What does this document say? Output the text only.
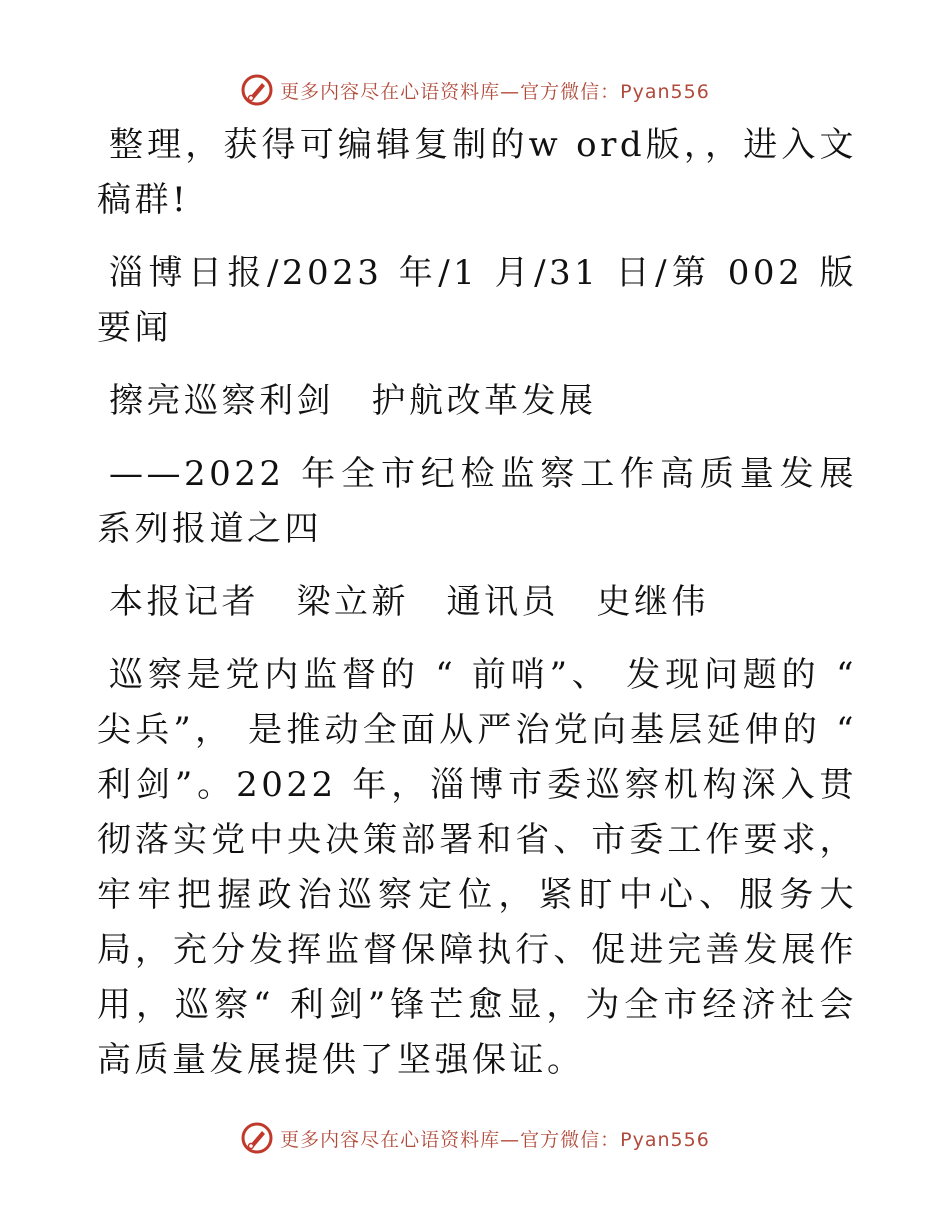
更多内容尽在心语资料库—官方微信：Pyan556

整理，获得可编辑复制的w ord版，，进入文稿群!

淄博日报/2023 年/1 月/31 日/第 002 版要闻

擦亮巡察利剑　护航改革发展

——2022 年全市纪检监察工作高质量发展系列报道之四

本报记者　梁立新　通讯员　史继伟

巡察是党内监督的 “ 前哨”、 发现问题的 “ 尖兵”， 是推动全面从严治党向基层延伸的 “ 利剑”。2022 年，淄博市委巡察机构深入贯彻落实党中央决策部署和省、市委工作要求，牢牢把握政治巡察定位，紧盯中心、服务大局，充分发挥监督保障执行、促进完善发展作用，巡察“ 利剑”锋芒愈显，为全市经济社会高质量发展提供了坚强保证。

更多内容尽在心语资料库—官方微信：Pyan556
